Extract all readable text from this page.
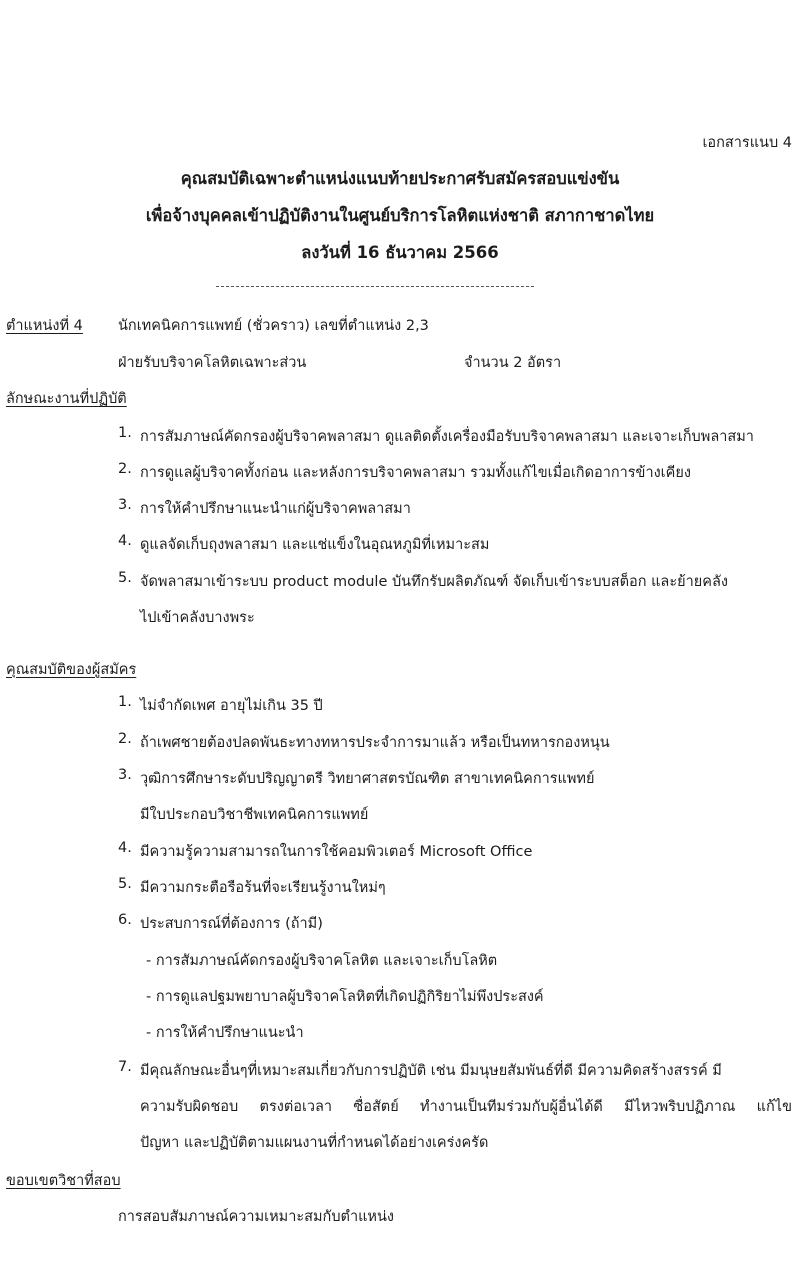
เอกสารแนบ 4
คุณสมบัติเฉพาะตำแหน่งแนบท้ายประกาศรับสมัครสอบแข่งขัน
เพื่อจ้างบุคคลเข้าปฏิบัติงานในศูนย์บริการโลหิตแห่งชาติ สภากาชาดไทย
ลงวันที่ 16 ธันวาคม 2566
ตำแหน่งที่ 4 นักเทคนิคการแพทย์ (ชั่วคราว) เลขที่ตำแหน่ง 2,3
ฝ่ายรับบริจาคโลหิตเฉพาะส่วน	จำนวน 2 อัตรา
ลักษณะงานที่ปฏิบัติ
1. การสัมภาษณ์คัดกรองผู้บริจาคพลาสมา ดูแลติดตั้งเครื่องมือรับบริจาคพลาสมา และเจาะเก็บพลาสมา
2. การดูแลผู้บริจาคทั้งก่อน และหลังการบริจาคพลาสมา รวมทั้งแก้ไขเมื่อเกิดอาการข้างเคียง
3. การให้คำปรึกษาแนะนำแก่ผู้บริจาคพลาสมา
4. ดูแลจัดเก็บถุงพลาสมา และแช่แข็งในอุณหภูมิที่เหมาะสม
5. จัดพลาสมาเข้าระบบ product module บันทึกรับผลิตภัณฑ์ จัดเก็บเข้าระบบสต็อก และย้ายคลัง
ไปเข้าคลังบางพระ
คุณสมบัติของผู้สมัคร
1. ไม่จำกัดเพศ อายุไม่เกิน 35 ปี
2. ถ้าเพศชายต้องปลดพันธะทางทหารประจำการมาแล้ว หรือเป็นทหารกองหนุน
3. วุฒิการศึกษาระดับปริญญาตรี วิทยาศาสตรบัณฑิต สาขาเทคนิคการแพทย์
มีใบประกอบวิชาชีพเทคนิคการแพทย์
4. มีความรู้ความสามารถในการใช้คอมพิวเตอร์ Microsoft Office
5. มีความกระตือรือร้นที่จะเรียนรู้งานใหม่ๆ
6. ประสบการณ์ที่ต้องการ (ถ้ามี)
- การสัมภาษณ์คัดกรองผู้บริจาคโลหิต และเจาะเก็บโลหิต
- การดูแลปฐมพยาบาลผู้บริจาคโลหิตที่เกิดปฏิกิริยาไม่พึงประสงค์
- การให้คำปรึกษาแนะนำ
7. มีคุณลักษณะอื่นๆที่เหมาะสมเกี่ยวกับการปฏิบัติ เช่น มีมนุษยสัมพันธ์ที่ดี มีความคิดสร้างสรรค์ มี
ความรับผิดชอบ ตรงต่อเวลา ซื่อสัตย์ ทำงานเป็นทีมร่วมกับผู้อื่นได้ดี มีไหวพริบปฏิภาณ แก้ไข
ปัญหา และปฏิบัติตามแผนงานที่กำหนดได้อย่างเคร่งครัด
ขอบเขตวิชาที่สอบ
การสอบสัมภาษณ์ความเหมาะสมกับตำแหน่ง
